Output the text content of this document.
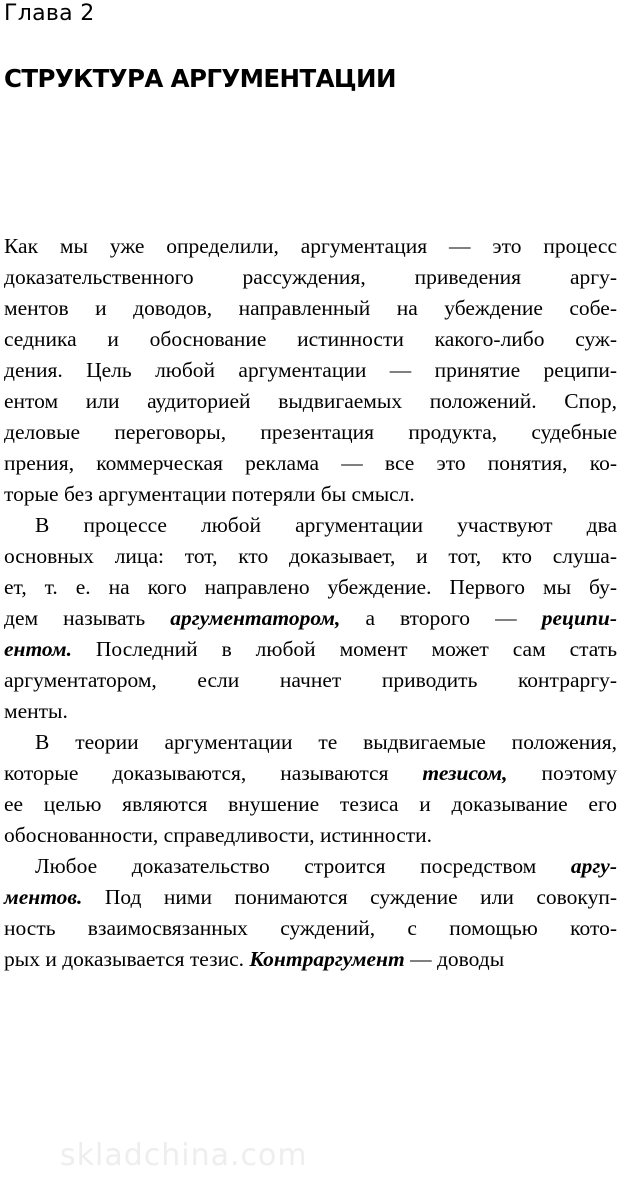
Глава 2
СТРУКТУРА АРГУМЕНТАЦИИ
Как мы уже определили, аргументация — это процесс
доказательственного рассуждения, приведения аргу-
ментов и доводов, направленный на убеждение собе-
седника и обоснование истинности какого-либо суж-
дения. Цель любой аргументации — принятие реципи-
ентом или аудиторией выдвигаемых положений. Спор,
деловые переговоры, презентация продукта, судебные
прения, коммерческая реклама — все это понятия, ко-
торые без аргументации потеряли бы смысл.
В процессе любой аргументации участвуют два
основных лица: тот, кто доказывает, и тот, кто слуша-
ет, т. е. на кого направлено убеждение. Первого мы бу-
дем называть аргументатором, а второго — реципи-
ентом. Последний в любой момент может сам стать
аргументатором, если начнет приводить контраргу-
менты.
В теории аргументации те выдвигаемые положения,
которые доказываются, называются тезисом, поэтому
ее целью являются внушение тезиса и доказывание его
обоснованности, справедливости, истинности.
Любое доказательство строится посредством аргу-
ментов. Под ними понимаются суждение или совокуп-
ность взаимосвязанных суждений, с помощью кото-
рых и доказывается тезис. Контраргумент — доводы
skladchina.com
